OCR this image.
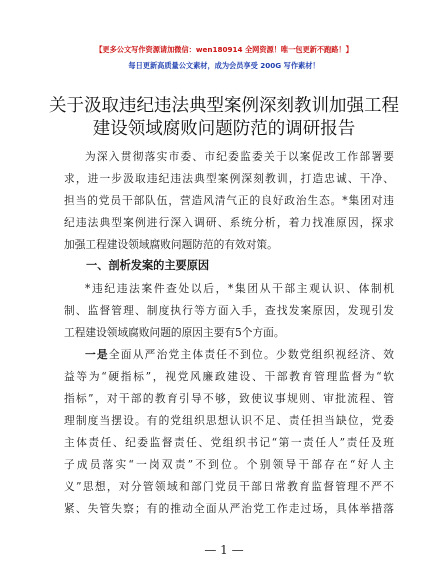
【更多公文写作资源请加微信：wen180914 全网资源！唯一包更新不跑路！】
每日更新高质量公文素材，成为会员享受 200G 写作素材！
关于汲取违纪违法典型案例深刻教训加强工程
建设领域腐败问题防范的调研报告
为深入贯彻落实市委、市纪委监委关于以案促改工作部署要
求，进一步汲取违纪违法典型案例深刻教训，打造忠诚、干净、
担当的党员干部队伍，营造风清气正的良好政治生态。*集团对违
纪违法典型案例进行深入调研、系统分析，着力找准原因，探求
加强工程建设领域腐败问题防范的有效对策。
一、剖析发案的主要原因
*违纪违法案件查处以后，*集团从干部主观认识、体制机
制、监督管理、制度执行等方面入手，查找发案原因，发现引发
工程建设领域腐败问题的原因主要有5个方面。
一是全面从严治党主体责任不到位。少数党组织视经济、效
益等为“硬指标”，视党风廉政建设、干部教育管理监督为“软
指标”，对干部的教育引导不够，致使议事规则、审批流程、管
理制度当摆设。有的党组织思想认识不足、责任担当缺位，党委
主体责任、纪委监督责任、党组织书记“第一责任人”责任及班
子成员落实“一岗双责”不到位。个别领导干部存在“好人主
义”思想，对分管领域和部门党员干部日常教育监督管理不严不
紧、失管失察；有的推动全面从严治党工作走过场，具体举措落
— 1 —
